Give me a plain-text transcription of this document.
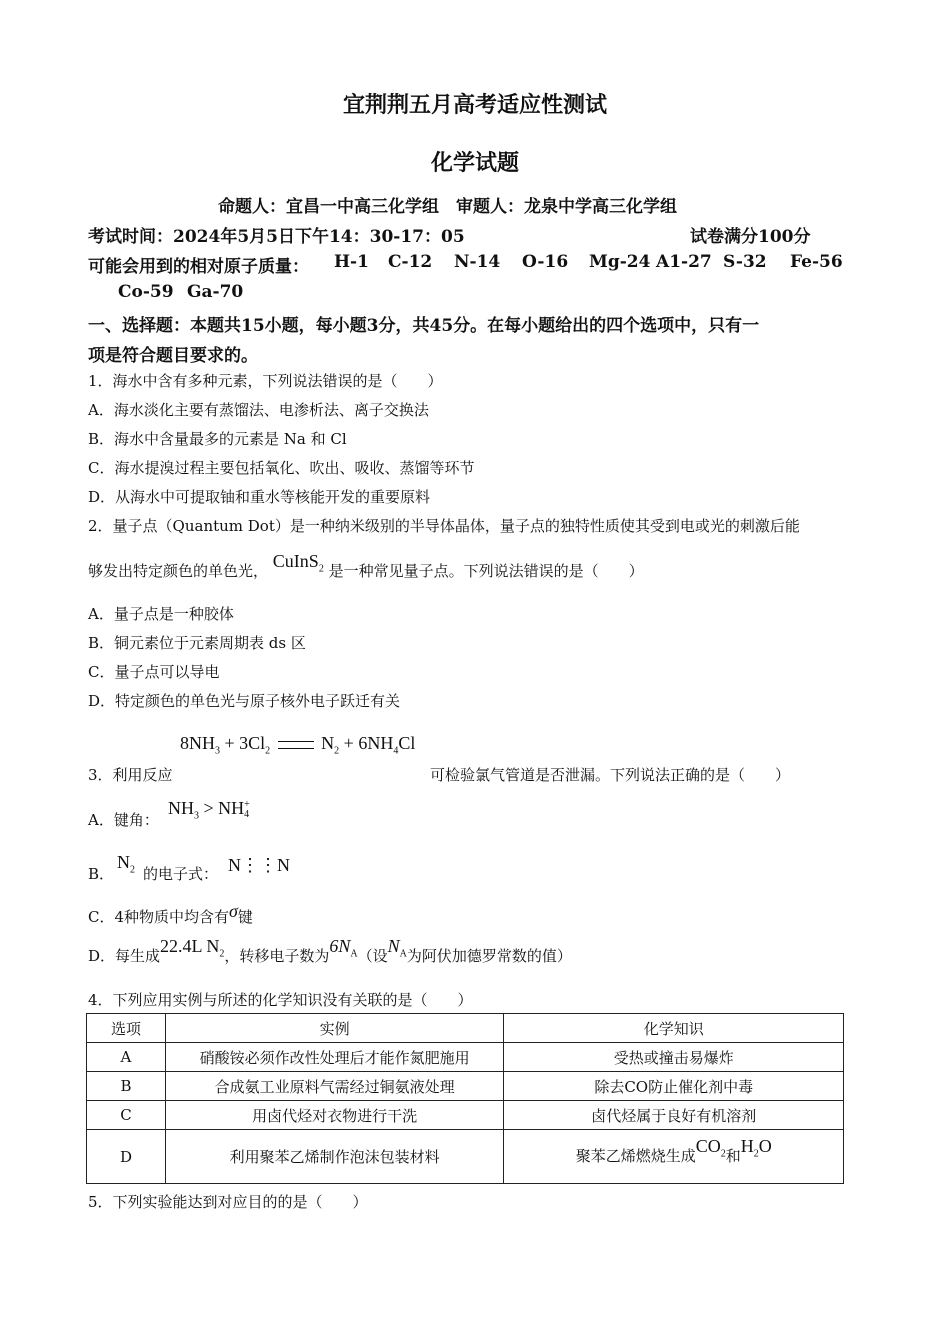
宜荆荆五月高考适应性测试
化学试题
命题人：宜昌一中高三化学组　审题人：龙泉中学高三化学组
考试时间：2024年5月5日下午14：30-17：05	试卷满分100分
可能会用到的相对原子质量： H-1 C-12 N-14 O-16 Mg-24 A1-27 S-32 Fe-56
Co-59 Ga-70
一、选择题：本题共15小题，每小题3分，共45分。在每小题给出的四个选项中，只有一
项是符合题目要求的。
1．海水中含有多种元素，下列说法错误的是（　　）
A．海水淡化主要有蒸馏法、电渗析法、离子交换法
B．海水中含量最多的元素是 Na 和 Cl
C．海水提溴过程主要包括氧化、吹出、吸收、蒸馏等环节
D．从海水中可提取铀和重水等核能开发的重要原料
2．量子点（Quantum Dot）是一种纳米级别的半导体晶体，量子点的独特性质使其受到电或光的刺激后能
够发出特定颜色的单色光， CuInS$_2$ 是一种常见量子点。下列说法错误的是（　　）
A．量子点是一种胶体
B．铜元素位于元素周期表 ds 区
C．量子点可以导电
D．特定颜色的单色光与原子核外电子跃迁有关
$8NH_3 + 3Cl_2$	$N_2 + 6NH_4Cl$
3．利用反应	可检验氯气管道是否泄漏。下列说法正确的是（　　）
A．键角：
$NH_3$ > NH +
4
B．
$N_2$ 的电子式： N⋮⋮N
C．4种物质中均含有σ键
D．每生成22.4L $N_2$，转移电子数为$6N_A$（设$N_A$为阿伏加德罗常数的值）
4．下列应用实例与所述的化学知识没有关联的是（　　）
选项	实例	化学知识
A	硝酸铵必须作改性处理后才能作氮肥施用	受热或撞击易爆炸
B	合成氨工业原料气需经过铜氨液处理	除去CO防止催化剂中毒
C	用卤代烃对衣物进行干洗	卤代烃属于良好有机溶剂
D	利用聚苯乙烯制作泡沫包装材料	聚苯乙烯燃烧生成$CO_2$和$H_2O$
5．下列实验能达到对应目的的是（　　）
